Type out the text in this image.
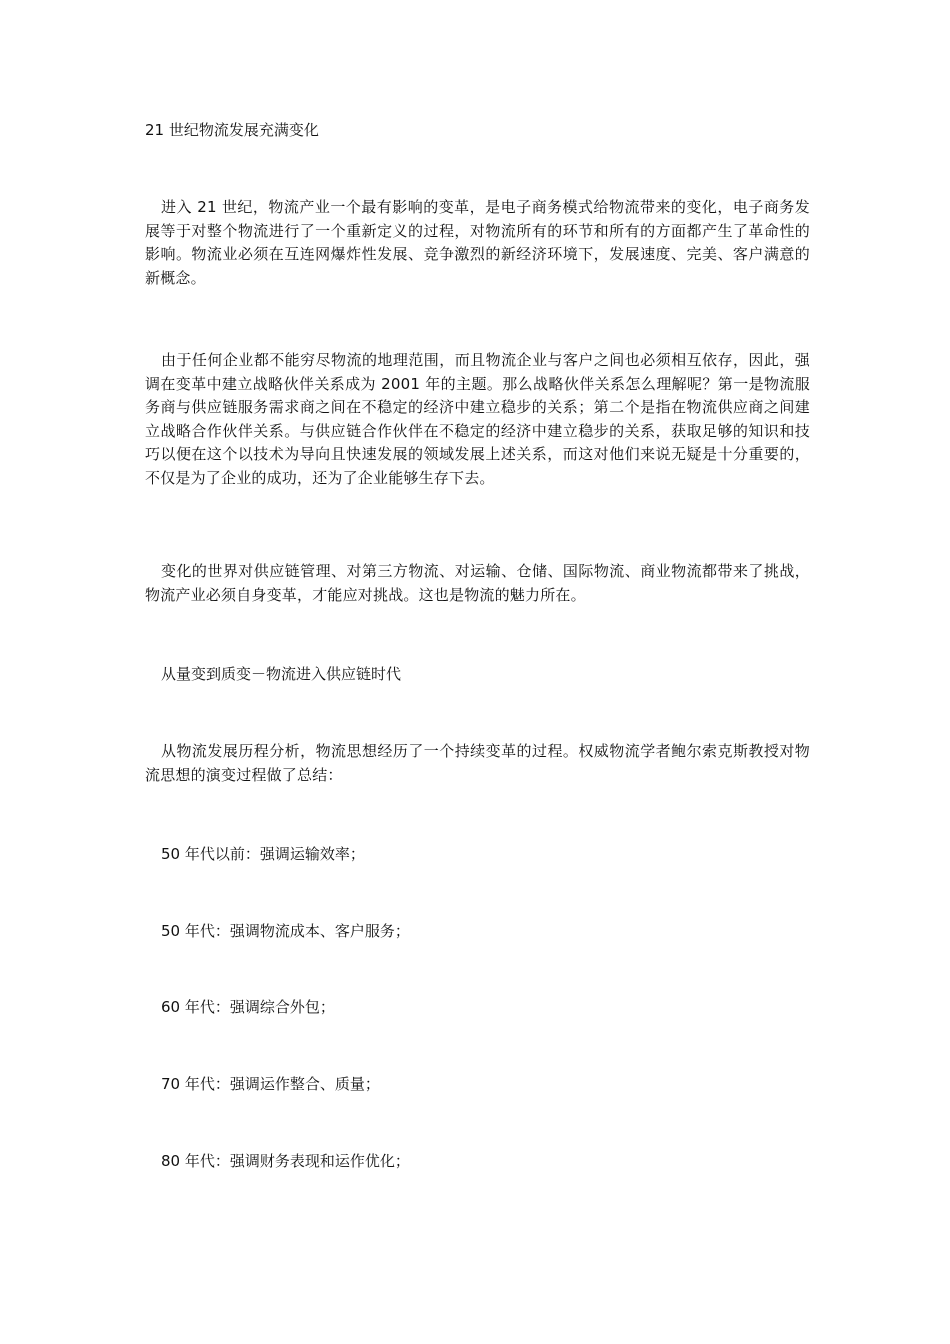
21 世纪物流发展充满变化

进入 21 世纪，物流产业一个最有影响的变革，是电子商务模式给物流带来的变化，电子商务发展等于对整个物流进行了一个重新定义的过程，对物流所有的环节和所有的方面都产生了革命性的影响。物流业必须在互连网爆炸性发展、竞争激烈的新经济环境下，发展速度、完美、客户满意的新概念。

由于任何企业都不能穷尽物流的地理范围，而且物流企业与客户之间也必须相互依存，因此，强调在变革中建立战略伙伴关系成为 2001 年的主题。那么战略伙伴关系怎么理解呢？第一是物流服务商与供应链服务需求商之间在不稳定的经济中建立稳步的关系；第二个是指在物流供应商之间建立战略合作伙伴关系。与供应链合作伙伴在不稳定的经济中建立稳步的关系，获取足够的知识和技巧以便在这个以技术为导向且快速发展的领域发展上述关系，而这对他们来说无疑是十分重要的，不仅是为了企业的成功，还为了企业能够生存下去。

变化的世界对供应链管理、对第三方物流、对运输、仓储、国际物流、商业物流都带来了挑战，物流产业必须自身变革，才能应对挑战。这也是物流的魅力所在。

从量变到质变－物流进入供应链时代

从物流发展历程分析，物流思想经历了一个持续变革的过程。权威物流学者鲍尔索克斯教授对物流思想的演变过程做了总结：

50 年代以前：强调运输效率；

50 年代：强调物流成本、客户服务；

60 年代：强调综合外包；

70 年代：强调运作整合、质量；

80 年代：强调财务表现和运作优化；
